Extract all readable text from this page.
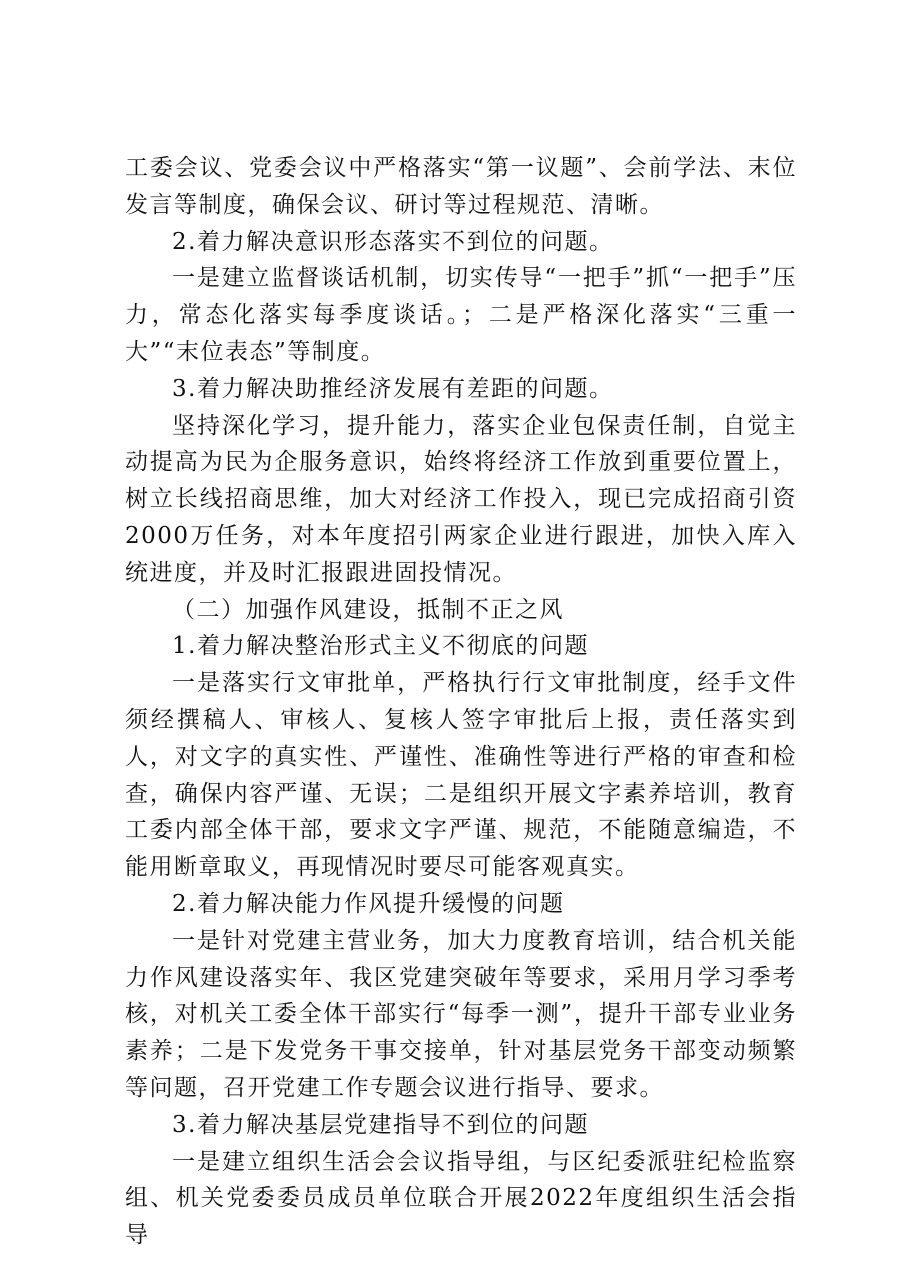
工委会议、党委会议中严格落实“第一议题”、会前学法、末位发言等制度，确保会议、研讨等过程规范、清晰。

2.着力解决意识形态落实不到位的问题。

一是建立监督谈话机制，切实传导“一把手”抓“一把手”压力，常态化落实每季度谈话。；二是严格深化落实“三重一大”“末位表态”等制度。

3.着力解决助推经济发展有差距的问题。

坚持深化学习，提升能力，落实企业包保责任制，自觉主动提高为民为企服务意识，始终将经济工作放到重要位置上，树立长线招商思维，加大对经济工作投入，现已完成招商引资2000万任务，对本年度招引两家企业进行跟进，加快入库入统进度，并及时汇报跟进固投情况。

（二）加强作风建设，抵制不正之风

1.着力解决整治形式主义不彻底的问题

一是落实行文审批单，严格执行行文审批制度，经手文件须经撰稿人、审核人、复核人签字审批后上报，责任落实到人，对文字的真实性、严谨性、准确性等进行严格的审查和检查，确保内容严谨、无误；二是组织开展文字素养培训，教育工委内部全体干部，要求文字严谨、规范，不能随意编造，不能用断章取义，再现情况时要尽可能客观真实。

2.着力解决能力作风提升缓慢的问题

一是针对党建主营业务，加大力度教育培训，结合机关能力作风建设落实年、我区党建突破年等要求，采用月学习季考核，对机关工委全体干部实行“每季一测”，提升干部专业业务素养；二是下发党务干事交接单，针对基层党务干部变动频繁等问题，召开党建工作专题会议进行指导、要求。

3.着力解决基层党建指导不到位的问题

一是建立组织生活会会议指导组，与区纪委派驻纪检监察组、机关党委委员成员单位联合开展2022年度组织生活会指导
